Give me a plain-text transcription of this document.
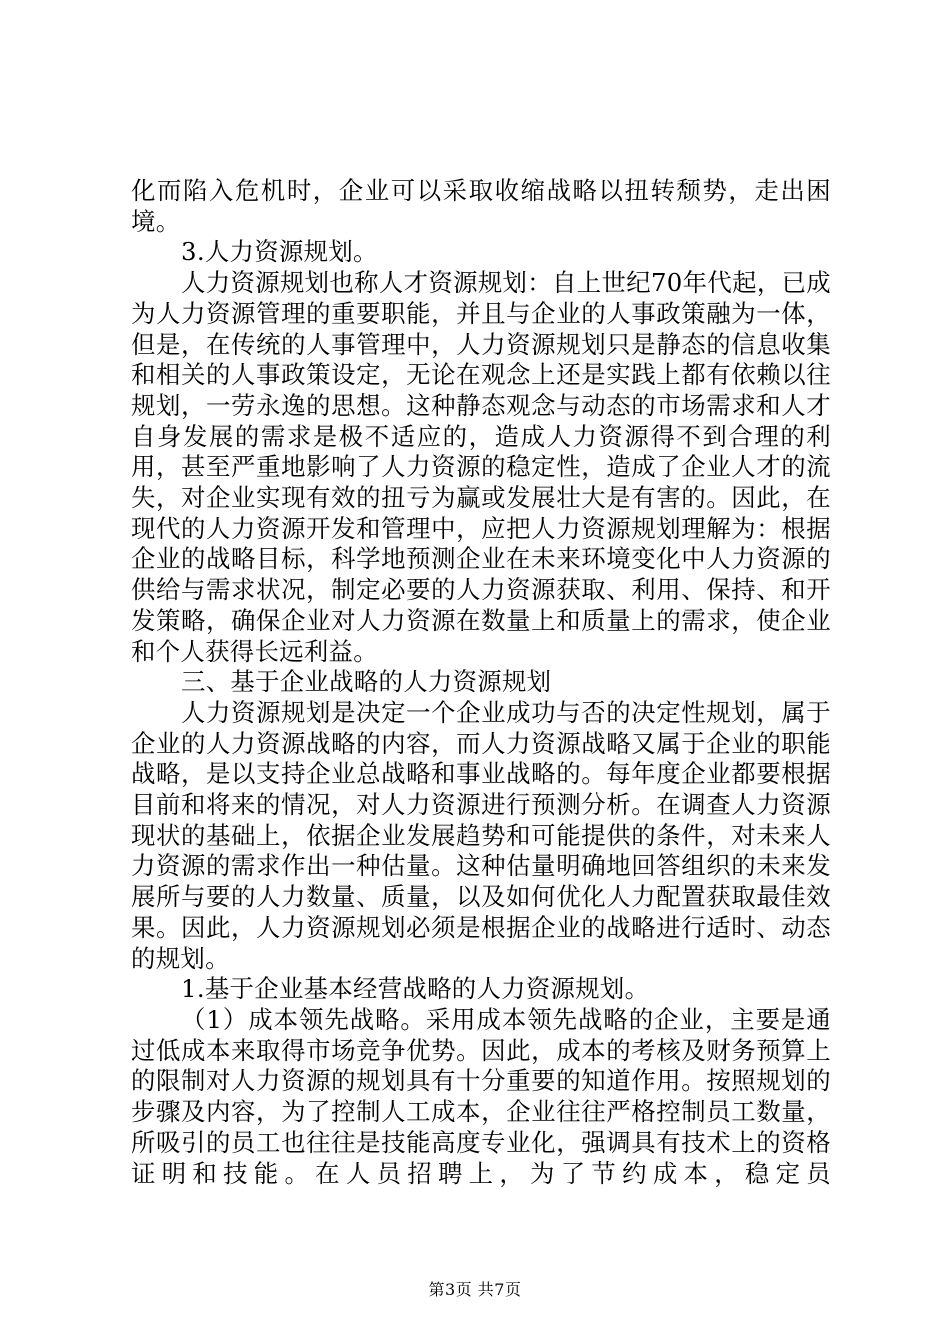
化而陷入危机时，企业可以采取收缩战略以扭转颓势，走出困境。

3.人力资源规划。

人力资源规划也称人才资源规划：自上世纪70年代起，已成为人力资源管理的重要职能，并且与企业的人事政策融为一体，但是，在传统的人事管理中，人力资源规划只是静态的信息收集和相关的人事政策设定，无论在观念上还是实践上都有依赖以往规划，一劳永逸的思想。这种静态观念与动态的市场需求和人才自身发展的需求是极不适应的，造成人力资源得不到合理的利用，甚至严重地影响了人力资源的稳定性，造成了企业人才的流失，对企业实现有效的扭亏为赢或发展壮大是有害的。因此，在现代的人力资源开发和管理中，应把人力资源规划理解为：根据企业的战略目标，科学地预测企业在未来环境变化中人力资源的供给与需求状况，制定必要的人力资源获取、利用、保持、和开发策略，确保企业对人力资源在数量上和质量上的需求，使企业和个人获得长远利益。

三、基于企业战略的人力资源规划

人力资源规划是决定一个企业成功与否的决定性规划，属于企业的人力资源战略的内容，而人力资源战略又属于企业的职能战略，是以支持企业总战略和事业战略的。每年度企业都要根据目前和将来的情况，对人力资源进行预测分析。在调查人力资源现状的基础上，依据企业发展趋势和可能提供的条件，对未来人力资源的需求作出一种估量。这种估量明确地回答组织的未来发展所与要的人力数量、质量，以及如何优化人力配置获取最佳效果。因此，人力资源规划必须是根据企业的战略进行适时、动态的规划。

1.基于企业基本经营战略的人力资源规划。

（1）成本领先战略。采用成本领先战略的企业，主要是通过低成本来取得市场竞争优势。因此，成本的考核及财务预算上的限制对人力资源的规划具有十分重要的知道作用。按照规划的步骤及内容，为了控制人工成本，企业往往严格控制员工数量，所吸引的员工也往往是技能高度专业化，强调具有技术上的资格证明和技能。在人员招聘上，为了节约成本，稳定员

第3页 共7页
